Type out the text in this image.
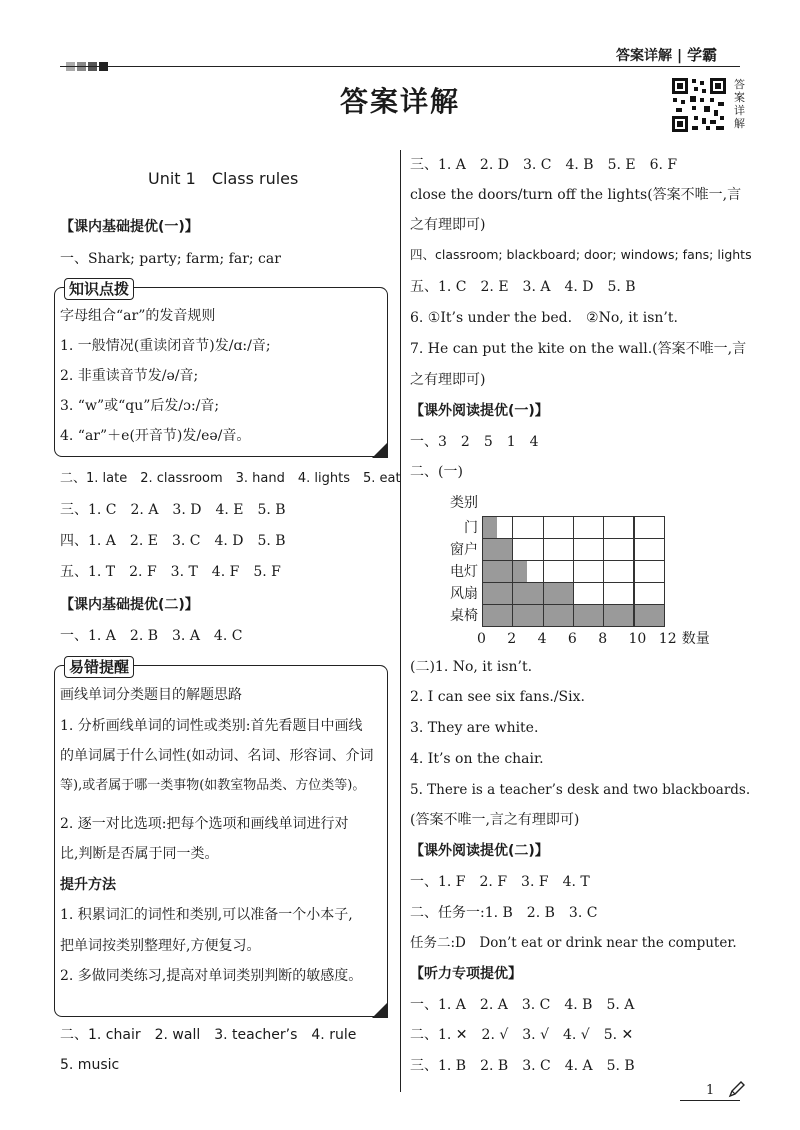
答案详解 | 学霸
答案详解
答案详解
Unit 1　Class rules
【课内基础提优(一)】
一、Shark; party; farm; far; car
知识点拨
字母组合“ar”的发音规则
1. 一般情况(重读闭音节)发/ɑ:/音;
2. 非重读音节发/ə/音;
3. “w”或“qu”后发/ɔ:/音;
4. “ar”＋e(开音节)发/eə/音。
二、1. late　2. classroom　3. hand　4. lights　5. eat
三、1. C　2. A　3. D　4. E　5. B
四、1. A　2. E　3. C　4. D　5. B
五、1. T　2. F　3. T　4. F　5. F
【课内基础提优(二)】
一、1. A　2. B　3. A　4. C
易错提醒
画线单词分类题目的解题思路
1. 分析画线单词的词性或类别:首先看题目中画线
的单词属于什么词性(如动词、名词、形容词、介词
等),或者属于哪一类事物(如教室物品类、方位类等)。
2. 逐一对比选项:把每个选项和画线单词进行对
比,判断是否属于同一类。
提升方法
1. 积累词汇的词性和类别,可以准备一个小本子,
把单词按类别整理好,方便复习。
2. 多做同类练习,提高对单词类别判断的敏感度。
二、1. chair　2. wall　3. teacher’s　4. rule
5. music
三、1. A　2. D　3. C　4. B　5. E　6. F
close the doors/turn off the lights(答案不唯一,言
之有理即可)
四、classroom; blackboard; door; windows; fans; lights
五、1. C　2. E　3. A　4. D　5. B
6. ①It’s under the bed.　②No, it isn’t.
7. He can put the kite on the wall.(答案不唯一,言
之有理即可)
【课外阅读提优(一)】
一、3　2　5　1　4
二、(一)
门
窗户
电灯
风扇
桌椅
类别
0 2 4 6 8 10 12 数量
(二)1. No, it isn’t.
2. I can see six fans./Six.
3. They are white.
4. It’s on the chair.
5. There is a teacher’s desk and two blackboards.
(答案不唯一,言之有理即可)
【课外阅读提优(二)】
一、1. F　2. F　3. F　4. T
二、任务一:1. B　2. B　3. C
任务二:D　Don’t eat or drink near the computer.
【听力专项提优】
一、1. A　2. A　3. C　4. B　5. A
二、1. ✕　2. √　3. √　4. √　5. ✕
三、1. B　2. B　3. C　4. A　5. B
1
